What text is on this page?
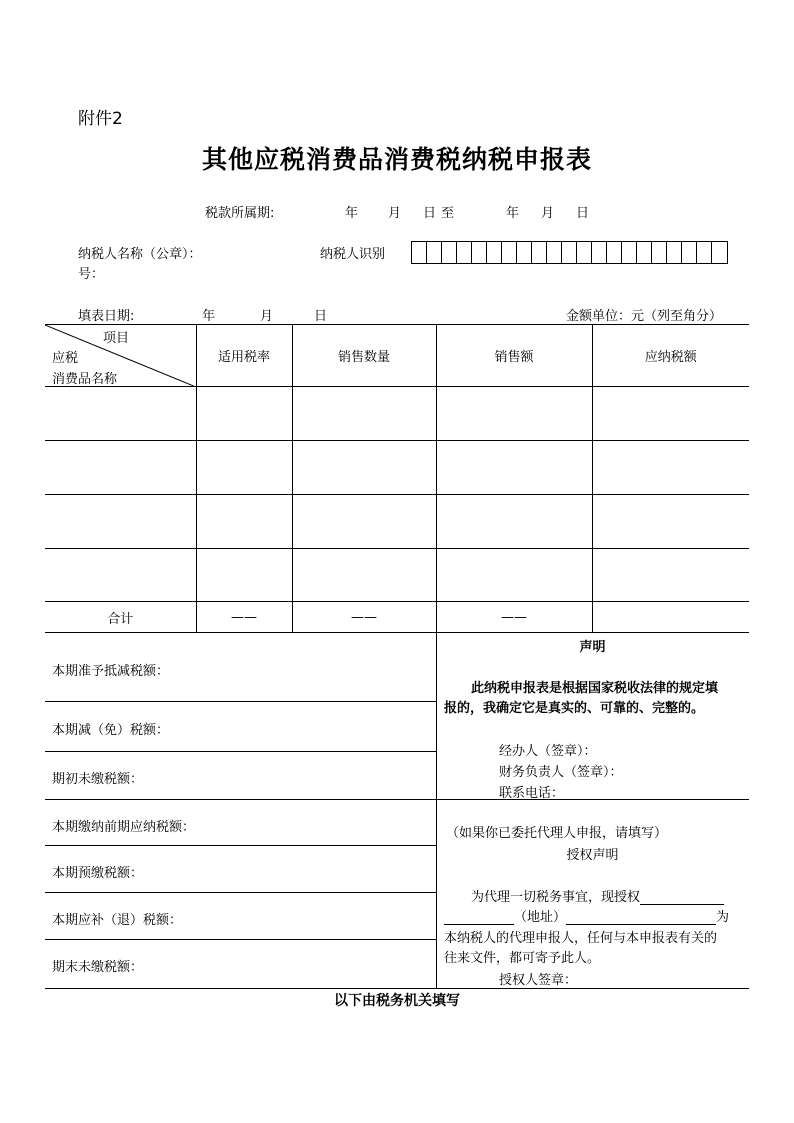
附件2
其他应税消费品消费税纳税申报表
税款所属期:	年 月 日 至	年 月 日
纳税人名称（公章）：
号：
纳税人识别
填表日期:	年	月	日	金额单位：元（列至角分）
项目
应税
消费品名称	适用税率	销售数量	销售额	应纳税额

合计	——	——	——	
本期准予抵减税额：
本期减（免）税额：
期初未缴税额：
本期缴纳前期应纳税额：
本期预缴税额：
本期应补（退）税额：
期末未缴税额：
声明
此纳税申报表是根据国家税收法律的规定填
报的，我确定它是真实的、可靠的、完整的。
经办人（签章）：
财务负责人（签章）：
联系电话：
（如果你已委托代理人申报，请填写）
授权声明
为代理一切税务事宜，现授权
（地址）	为
本纳税人的代理申报人，任何与本申报表有关的
往来文件，都可寄予此人。
授权人签章：
以下由税务机关填写
